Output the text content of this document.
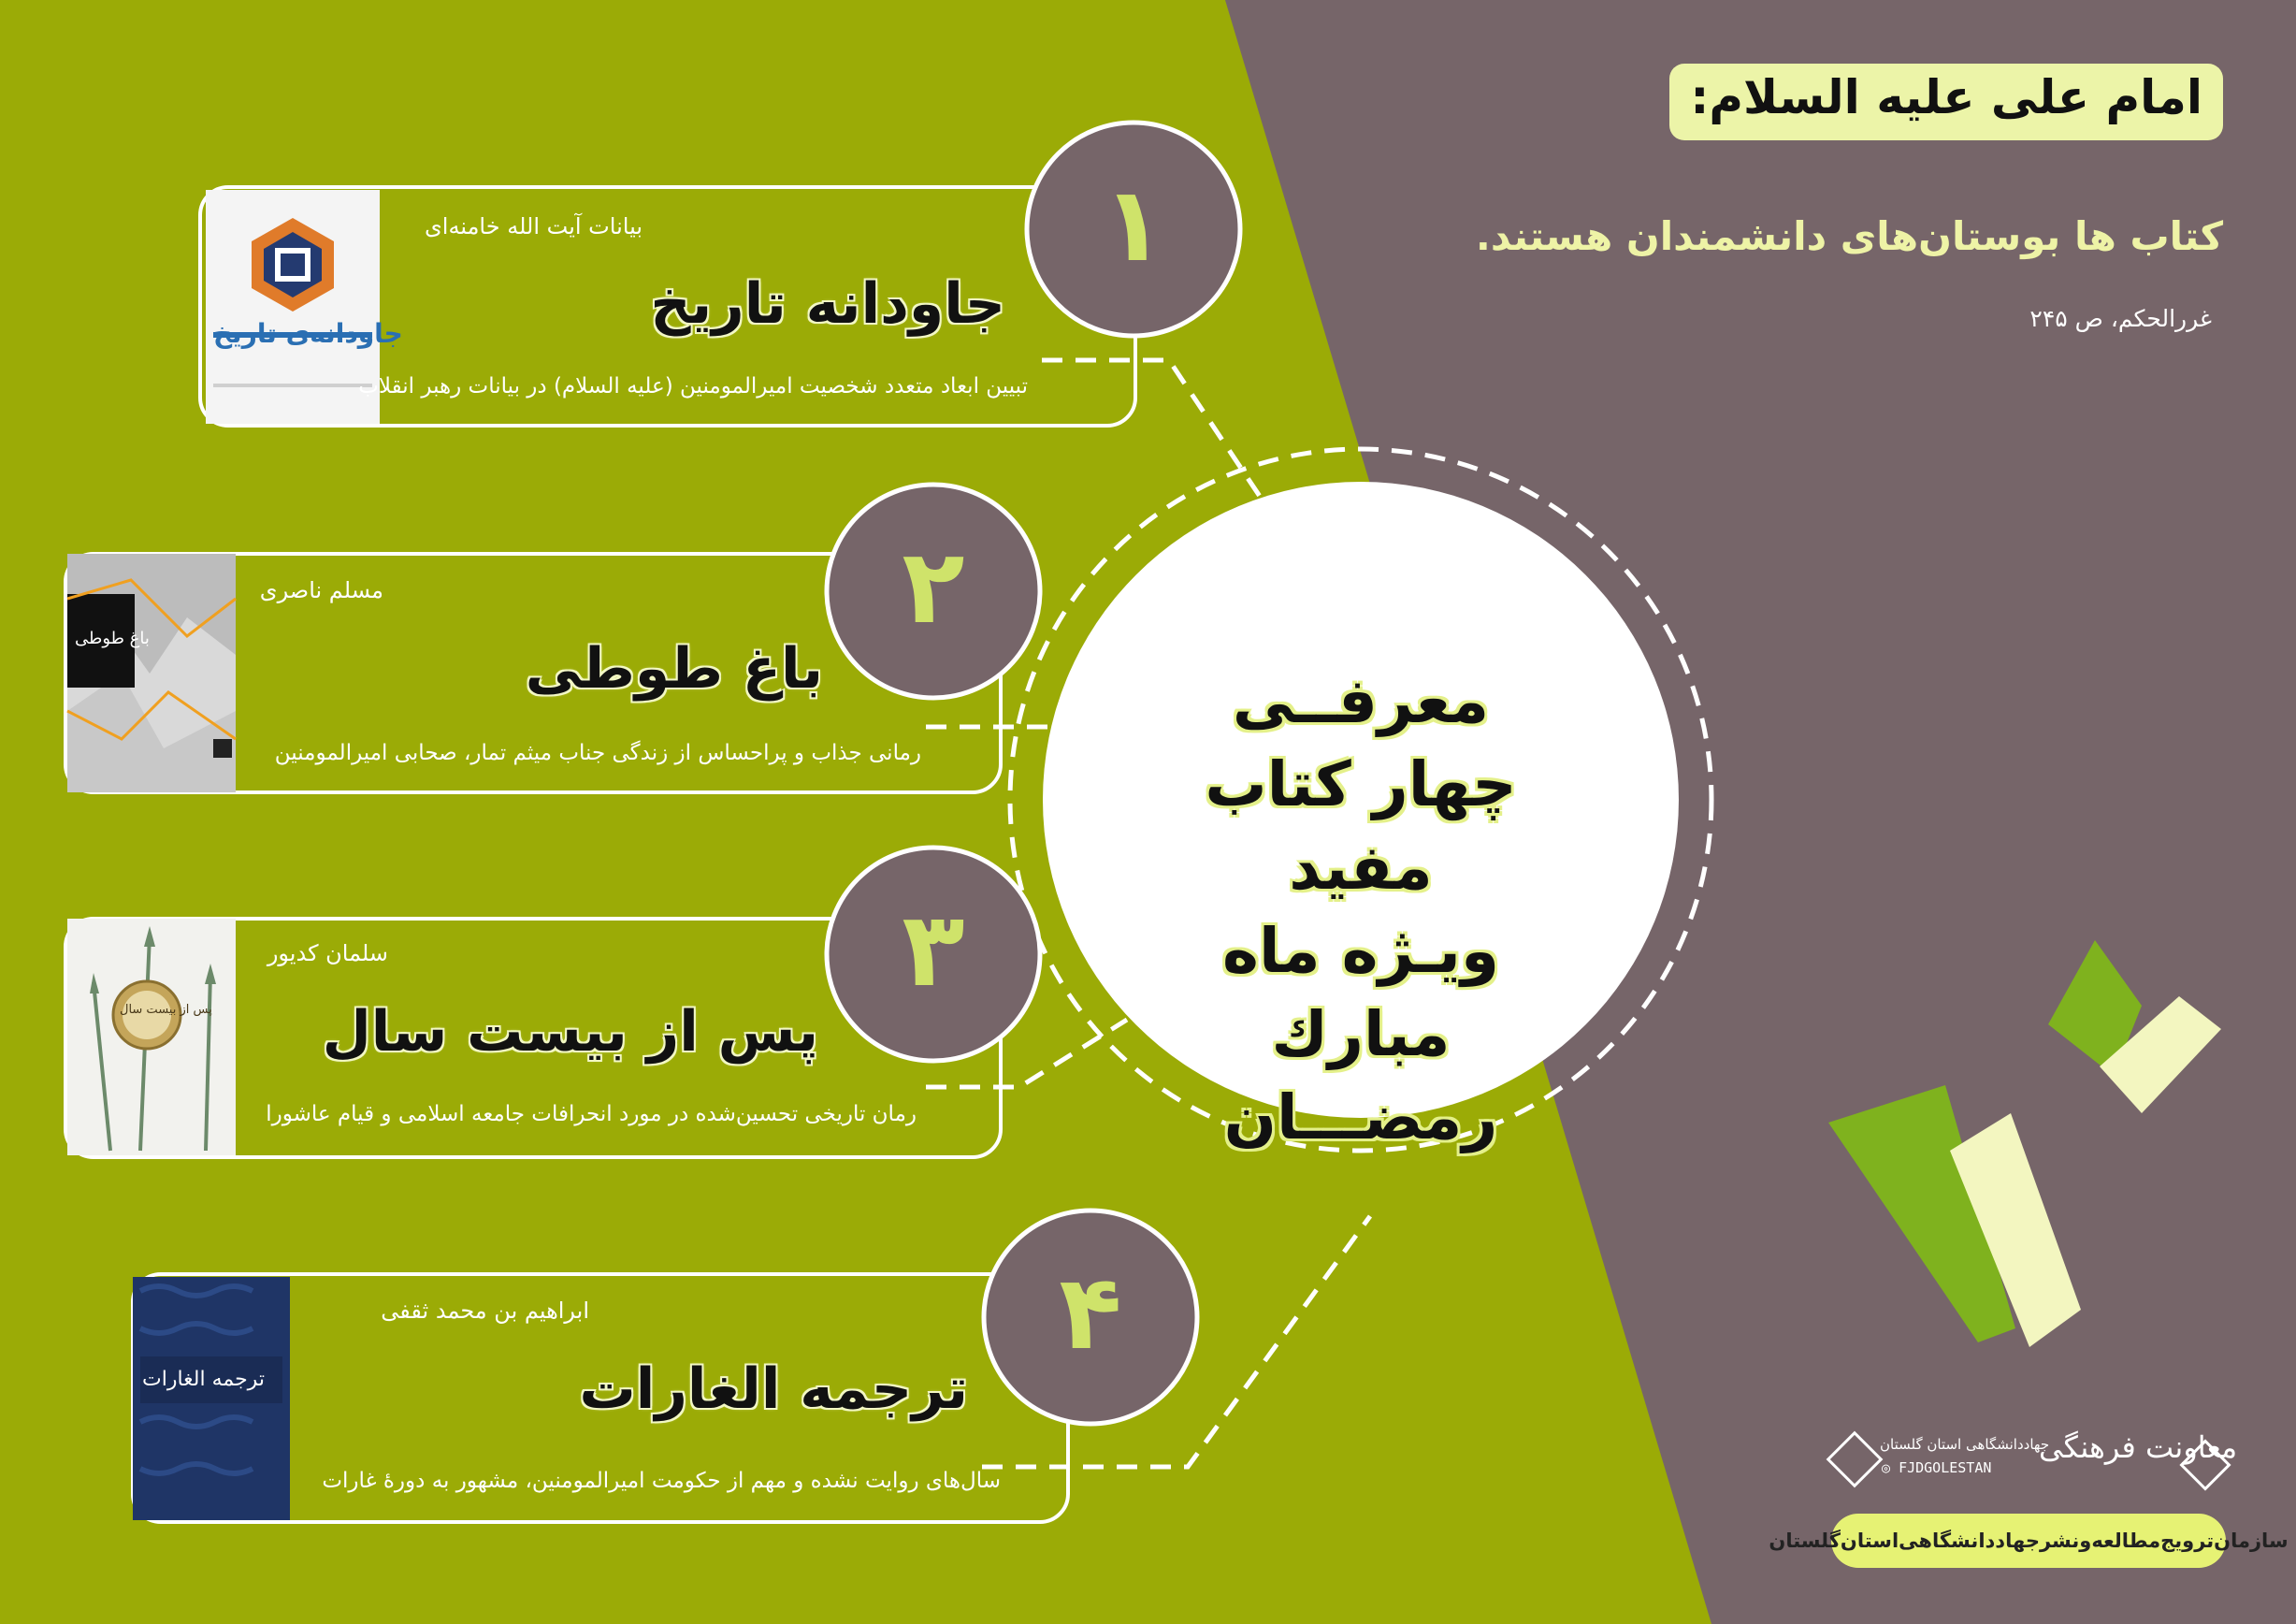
امام علی علیه السلام:
کتاب ها بوستان‌های دانشمندان هستند.
غررالحکم، ص ۲۴۵
معرفــی
چهار کتاب مفید
ویـژه ماه مبارك
رمضـــان
۱
۲
۳
۴
بیانات آیت الله خامنه‌ای
جاودانه تاریخ
تبیین ابعاد متعدد شخصیت امیرالمومنین (علیه السلام) در بیانات رهبر انقلاب
جاودانه‌ی تاریخ
مسلم ناصری
باغ طوطی
رمانی جذاب و پراحساس از زندگی جناب میثم تمار، صحابی امیرالمومنین
باغ طوطی
سلمان کدیور
پس از بیست سال
رمان تاریخی تحسین‌شده در مورد انحرافات جامعه اسلامی و قیام عاشورا
پس از بیست سال
ابراهیم بن محمد ثقفی
ترجمه الغارات
سال‌های روایت نشده و مهم از حکومت امیرالمومنین، مشهور به دورۀ غارات
ترجمه الغارات
معاونت فرهنگی
جهاددانشگاهی استان گلستان
◎ FJDGOLESTAN
سازمان‌ترویج‌مطالعه‌ونشرجهاددانشگاهی‌استان‌گلستان
